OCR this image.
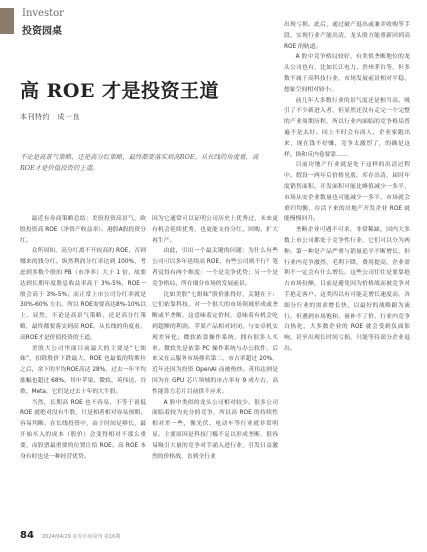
Investor
投资园桌
高 ROE 才是投资王道
本刊特约　成一良
不论是高景气策略、还是高分红策略，最终都要落实到高ROE。从长线的角度看，高ROE才是价值投资的王道。

最近有券商策略总结：美股投资高景气、欧股投资高 ROE（净资产收益率）、港股A股投资分红。

众所周知，高分红离不开较高的 ROE，否则哪来的钱分红。纵然利润分红率达到 100%，考虑到多数个股的 PB（市净率）大于 1 倍，故要达到长期年度股息收益率高于 3%-5%，ROE一般会高于 3%-5%；而正常上市公司分红率就是 30%-60% 左右，所以 ROE需要高达8%-10%以上。显然，不论是高景气策略，还是高分红策略，最终都要落实到高 ROE。从长线的角度看，高ROE才是价值投资的王道。

美股大公司里面目前最大的主要是“七姐妹”，扣除股价下跌最大、ROE 也最低的特斯拉之后，余下的平均ROE高达 28%，过去一年平均涨幅也超过 68%。其中苹果、微软、英伟达、谷歌、Meta，它们是过去十年的大牛股。

当然，长期高 ROE 也不容易，不等于说低 ROE 就绝对没有牛股，只是相者相对容易预期、容易判断。在长线投资中，由于时间足够长，最开始买入的成本（股价）会变得相对不那么重要，而股票最重要的位置让给 ROE。高 ROE 本身有时也是一种经营优势。

因为它通常可以证明公司历史上优秀过，未来更有机会延续优秀，也更能支持分红、回购，扩大再生产。

由此，引出一个最关键的问题：为什么有些公司可以多年延续高 ROE，有些公司则不行？笔者觉得有两个维度：一个是竞争优势；另一个是竞争格局、所在细分市场的发展前景。

比如美股“七姐妹”股价涨得好，关键在于：它们依靠科技，对一个很大的市场领域形成或垄断或半垄断，这意味着定价权，意味着有机会吃到超额的利润。苹果产品相对封闭，与安卓机实现差异化；微软依靠操作系统，拥有很多人买单。微软先是依靠 PC 操作系统与办公软件，后来又在云服务市场排名第二，市占率超过 20%，近年还因为投资 OpenAI 而被热炒。英伟达则是因为在 GPU 芯片领域的市占率有 9 成左右，高性能算力芯片目前供不应求。

A 股中类似的龙头公司相对较少。很多公司面临着较为充分的竞争，所以高 ROE 的持续性相对差一些，像光伏、电动车等行业就非常明显。主要原因是科技门槛不足以形成垄断，很容易吸引大量的竞争对手涌入进行业，引发日益激烈的价格战，直到全行业

出现亏损。此后，通过破产退出或兼并收购等手段，实现行业产能出清，龙头股方能重新回到高 ROE 的轨道。

A 股中竞争格局较好、有类似垄断地位的龙头公司也有，比如长江电力、贵州茅台等，但多数不属于高科技行业，市场发展前景相对平稳，想象空间相对较小。

前几年大多数行业的景气度还是相当高，吸引了不少新进入者，但显然还没有走完一个完整的产业周期历程，所以行业内面临的竞争格局普遍不是太好。同上不时会有商人、企业家跑出来，现在钱不好赚，竞争太激烈了，的确是这样。换和反内卷要靠……

目前房地产行业就是处于这样的出清过程中。假设一两年后价格见底，库存出清，届时年度销售面积、开发面积可能比峰值减少一多半，市场从安企业数量也可能减少一多半，市场就会重归均衡，存活下来的房地产开发企业 ROE 就能慢慢回升。

垄断企业可遇不可求，非常稀缺。国内大多数上市公司都处于竞争性行业，它们可以分为两种。第一种是产品严重与销量追平不断增长，但行业内竞争激烈，毛利下降，费用提高，企业盈利不一定会有什么增长。这些公司往往是要靠抢占市场份额，目前是避免因为价格战而被竞争对手抢走客户。这类四以有可能走增长速度高，各细分行业的需求增长快，以最好的战略跟为流行，但遇到市场饱和，量补不了价，行业内竞争白热化，大多数企业的 ROE 就会受到负面影响，甚至出现长时间亏损，只能等待部分企业退出。

84 2024/04/29 证券市场周刊 第16期
